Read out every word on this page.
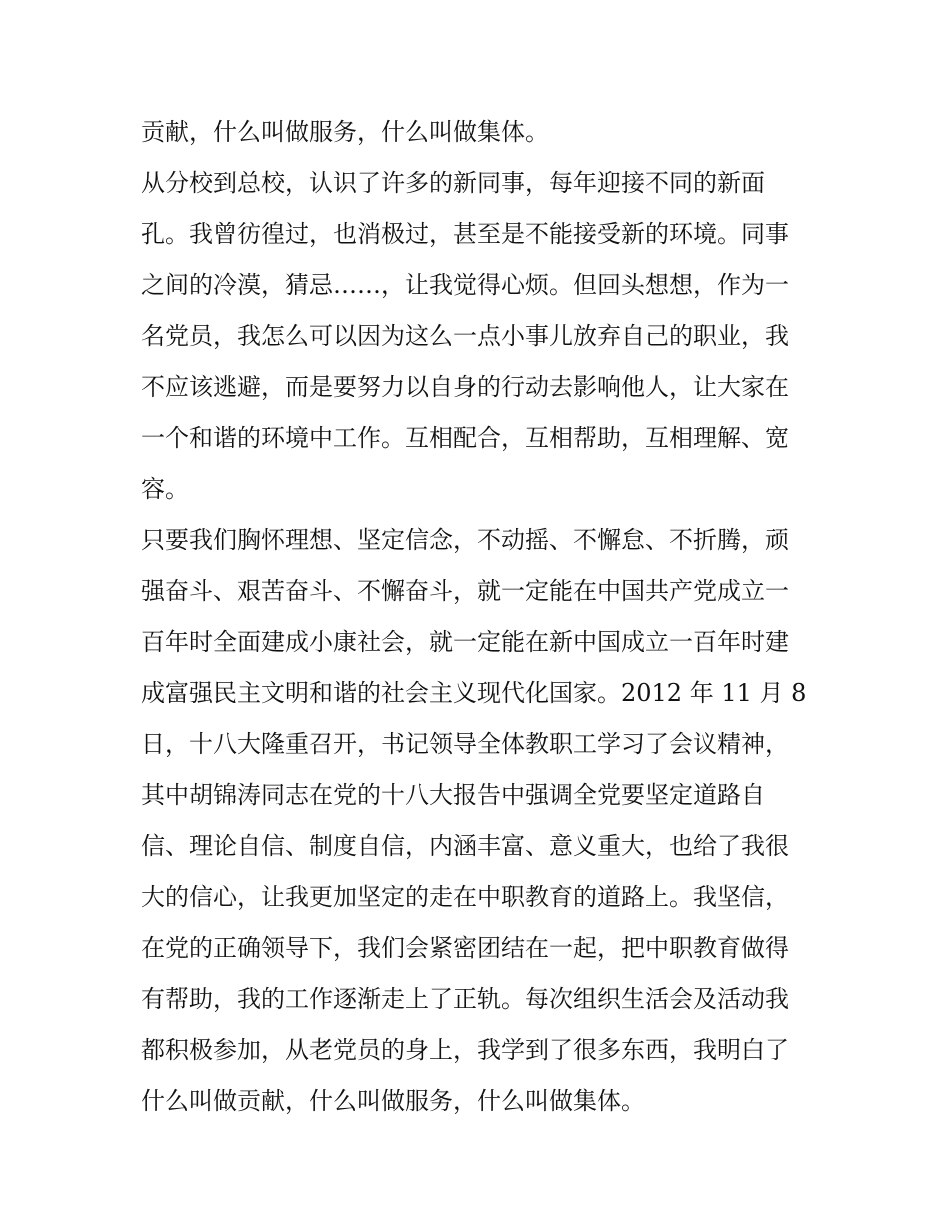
贡献，什么叫做服务，什么叫做集体。
从分校到总校，认识了许多的新同事，每年迎接不同的新面
孔。我曾彷徨过，也消极过，甚至是不能接受新的环境。同事
之间的冷漠，猜忌……，让我觉得心烦。但回头想想，作为一
名党员，我怎么可以因为这么一点小事儿放弃自己的职业，我
不应该逃避，而是要努力以自身的行动去影响他人，让大家在
一个和谐的环境中工作。互相配合，互相帮助，互相理解、宽
容。
只要我们胸怀理想、坚定信念，不动摇、不懈怠、不折腾，顽
强奋斗、艰苦奋斗、不懈奋斗，就一定能在中国共产党成立一
百年时全面建成小康社会，就一定能在新中国成立一百年时建
成富强民主文明和谐的社会主义现代化国家。2012 年 11 月 8
日，十八大隆重召开，书记领导全体教职工学习了会议精神，
其中胡锦涛同志在党的十八大报告中强调全党要坚定道路自
信、理论自信、制度自信，内涵丰富、意义重大，也给了我很
大的信心，让我更加坚定的走在中职教育的道路上。我坚信，
在党的正确领导下，我们会紧密团结在一起，把中职教育做得
有帮助，我的工作逐渐走上了正轨。每次组织生活会及活动我
都积极参加，从老党员的身上，我学到了很多东西，我明白了
什么叫做贡献，什么叫做服务，什么叫做集体。
